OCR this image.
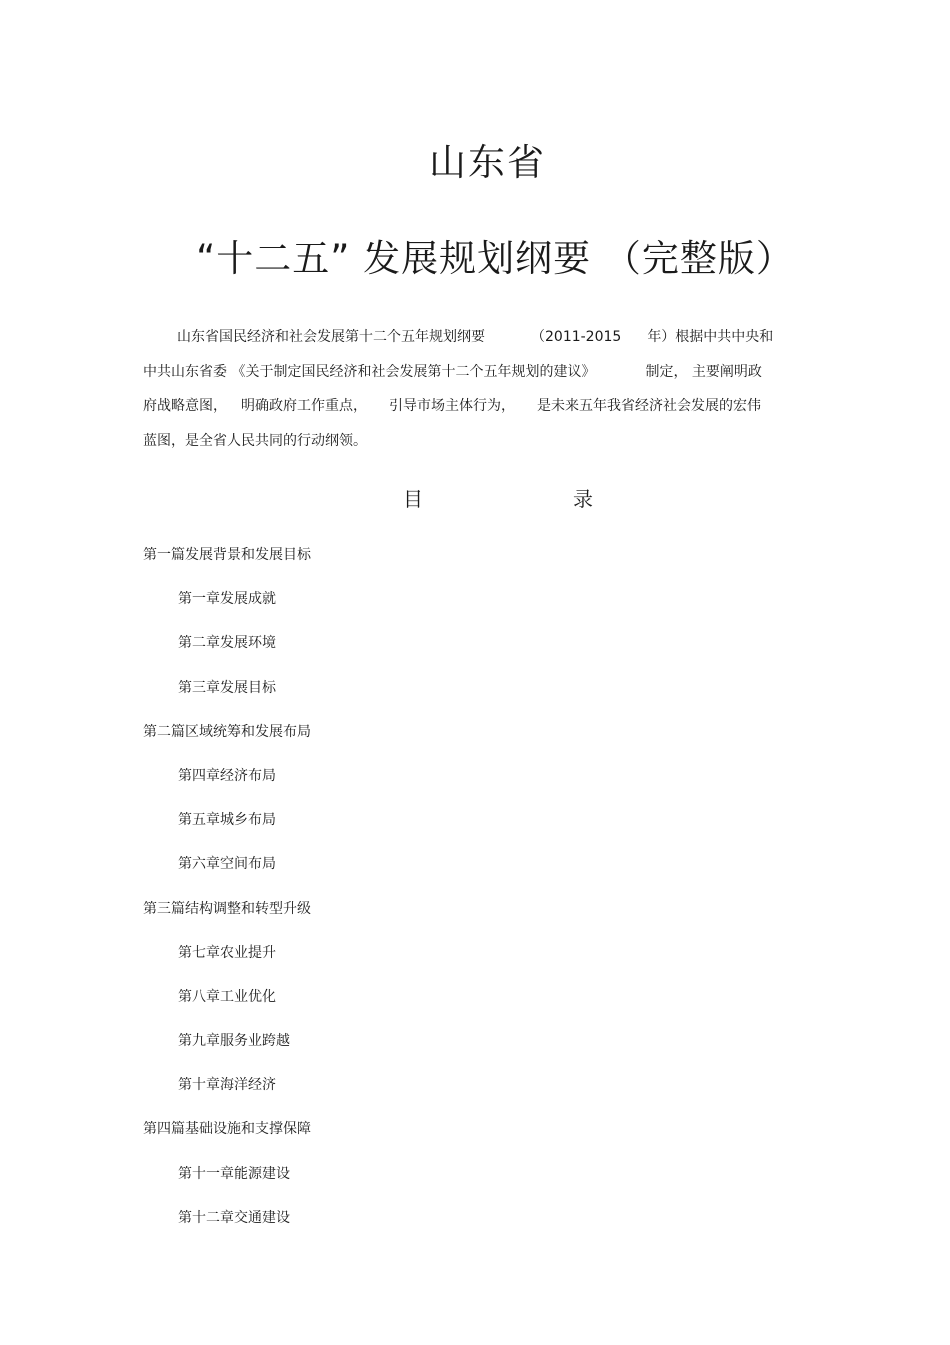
山东省
“十二五” 发展规划纲要 （完整版）

山东省国民经济和社会发展第十二个五年规划纲要	（2011-2015 年）根据中共中央和
中共山东省委 《关于制定国民经济和社会发展第十二个五年规划的建议》	制定， 主要阐明政
府战略意图， 明确政府工作重点， 引导市场主体行为， 是未来五年我省经济社会发展的宏伟
蓝图，是全省人民共同的行动纲领。

目	录
第一篇发展背景和发展目标
第一章发展成就
第二章发展环境
第三章发展目标
第二篇区域统筹和发展布局
第四章经济布局
第五章城乡布局
第六章空间布局
第三篇结构调整和转型升级
第七章农业提升
第八章工业优化
第九章服务业跨越
第十章海洋经济
第四篇基础设施和支撑保障
第十一章能源建设
第十二章交通建设
